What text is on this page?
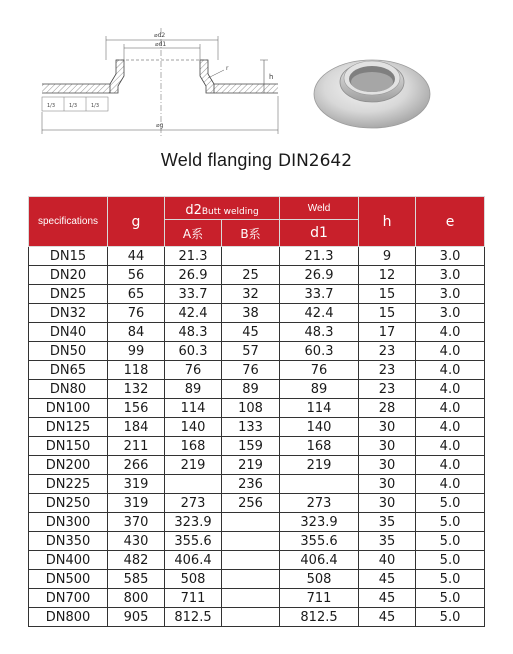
⌀d2
⌀d1
h
r
1/3	1/3	1/3
⌀g
Weld flanging DIN2642
specifications	g	d2Butt welding		Weld	h	e
		A系	B系	d1		
DN15	44	21.3		21.3	9	3.0
DN20	56	26.9	25	26.9	12	3.0
DN25	65	33.7	32	33.7	15	3.0
DN32	76	42.4	38	42.4	15	3.0
DN40	84	48.3	45	48.3	17	4.0
DN50	99	60.3	57	60.3	23	4.0
DN65	118	76	76	76	23	4.0
DN80	132	89	89	89	23	4.0
DN100	156	114	108	114	28	4.0
DN125	184	140	133	140	30	4.0
DN150	211	168	159	168	30	4.0
DN200	266	219	219	219	30	4.0
DN225	319		236		30	4.0
DN250	319	273	256	273	30	5.0
DN300	370	323.9		323.9	35	5.0
DN350	430	355.6		355.6	35	5.0
DN400	482	406.4		406.4	40	5.0
DN500	585	508		508	45	5.0
DN700	800	711		711	45	5.0
DN800	905	812.5		812.5	45	5.0
